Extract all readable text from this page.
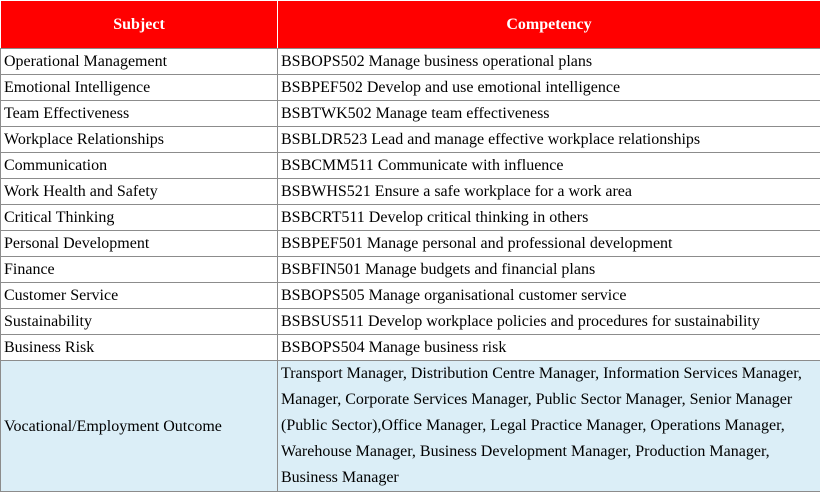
Subject	Competency
Operational Management	BSBOPS502 Manage business operational plans
Emotional Intelligence	BSBPEF502 Develop and use emotional intelligence
Team Effectiveness	BSBTWK502 Manage team effectiveness
Workplace Relationships	BSBLDR523 Lead and manage effective workplace relationships
Communication	BSBCMM511 Communicate with influence
Work Health and Safety	BSBWHS521 Ensure a safe workplace for a work area
Critical Thinking	BSBCRT511 Develop critical thinking in others
Personal Development	BSBPEF501 Manage personal and professional development
Finance	BSBFIN501 Manage budgets and financial plans
Customer Service	BSBOPS505 Manage organisational customer service
Sustainability	BSBSUS511 Develop workplace policies and procedures for sustainability
Business Risk	BSBOPS504 Manage business risk
Vocational/Employment Outcome	Transport Manager, Distribution Centre Manager, Information Services Manager, Manager, Corporate Services Manager, Public Sector Manager, Senior Manager (Public Sector),Office Manager, Legal Practice Manager, Operations Manager, Warehouse Manager, Business Development Manager, Production Manager, Business Manager
